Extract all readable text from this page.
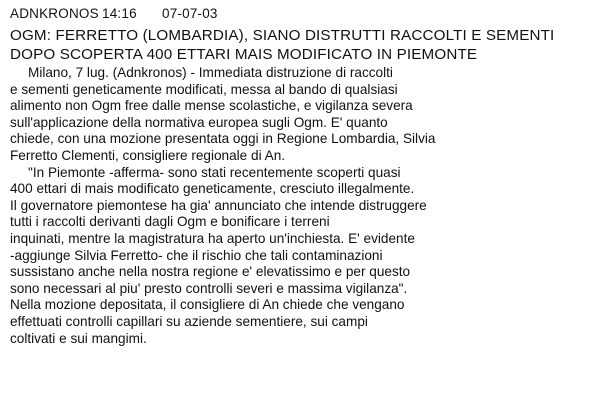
ADNKRONOS 14:16 07-07-03
OGM: FERRETTO (LOMBARDIA), SIANO DISTRUTTI RACCOLTI E SEMENTI
DOPO SCOPERTA 400 ETTARI MAIS MODIFICATO IN PIEMONTE
Milano, 7 lug. (Adnkronos) - Immediata distruzione di raccolti
e sementi geneticamente modificati, messa al bando di qualsiasi
alimento non Ogm free dalle mense scolastiche, e vigilanza severa
sull'applicazione della normativa europea sugli Ogm. E' quanto
chiede, con una mozione presentata oggi in Regione Lombardia, Silvia
Ferretto Clementi, consigliere regionale di An.
"In Piemonte -afferma- sono stati recentemente scoperti quasi
400 ettari di mais modificato geneticamente, cresciuto illegalmente.
Il governatore piemontese ha gia' annunciato che intende distruggere
tutti i raccolti derivanti dagli Ogm e bonificare i terreni
inquinati, mentre la magistratura ha aperto un'inchiesta. E' evidente
-aggiunge Silvia Ferretto- che il rischio che tali contaminazioni
sussistano anche nella nostra regione e' elevatissimo e per questo
sono necessari al piu' presto controlli severi e massima vigilanza".
Nella mozione depositata, il consigliere di An chiede che vengano
effettuati controlli capillari su aziende sementiere, sui campi
coltivati e sui mangimi.
